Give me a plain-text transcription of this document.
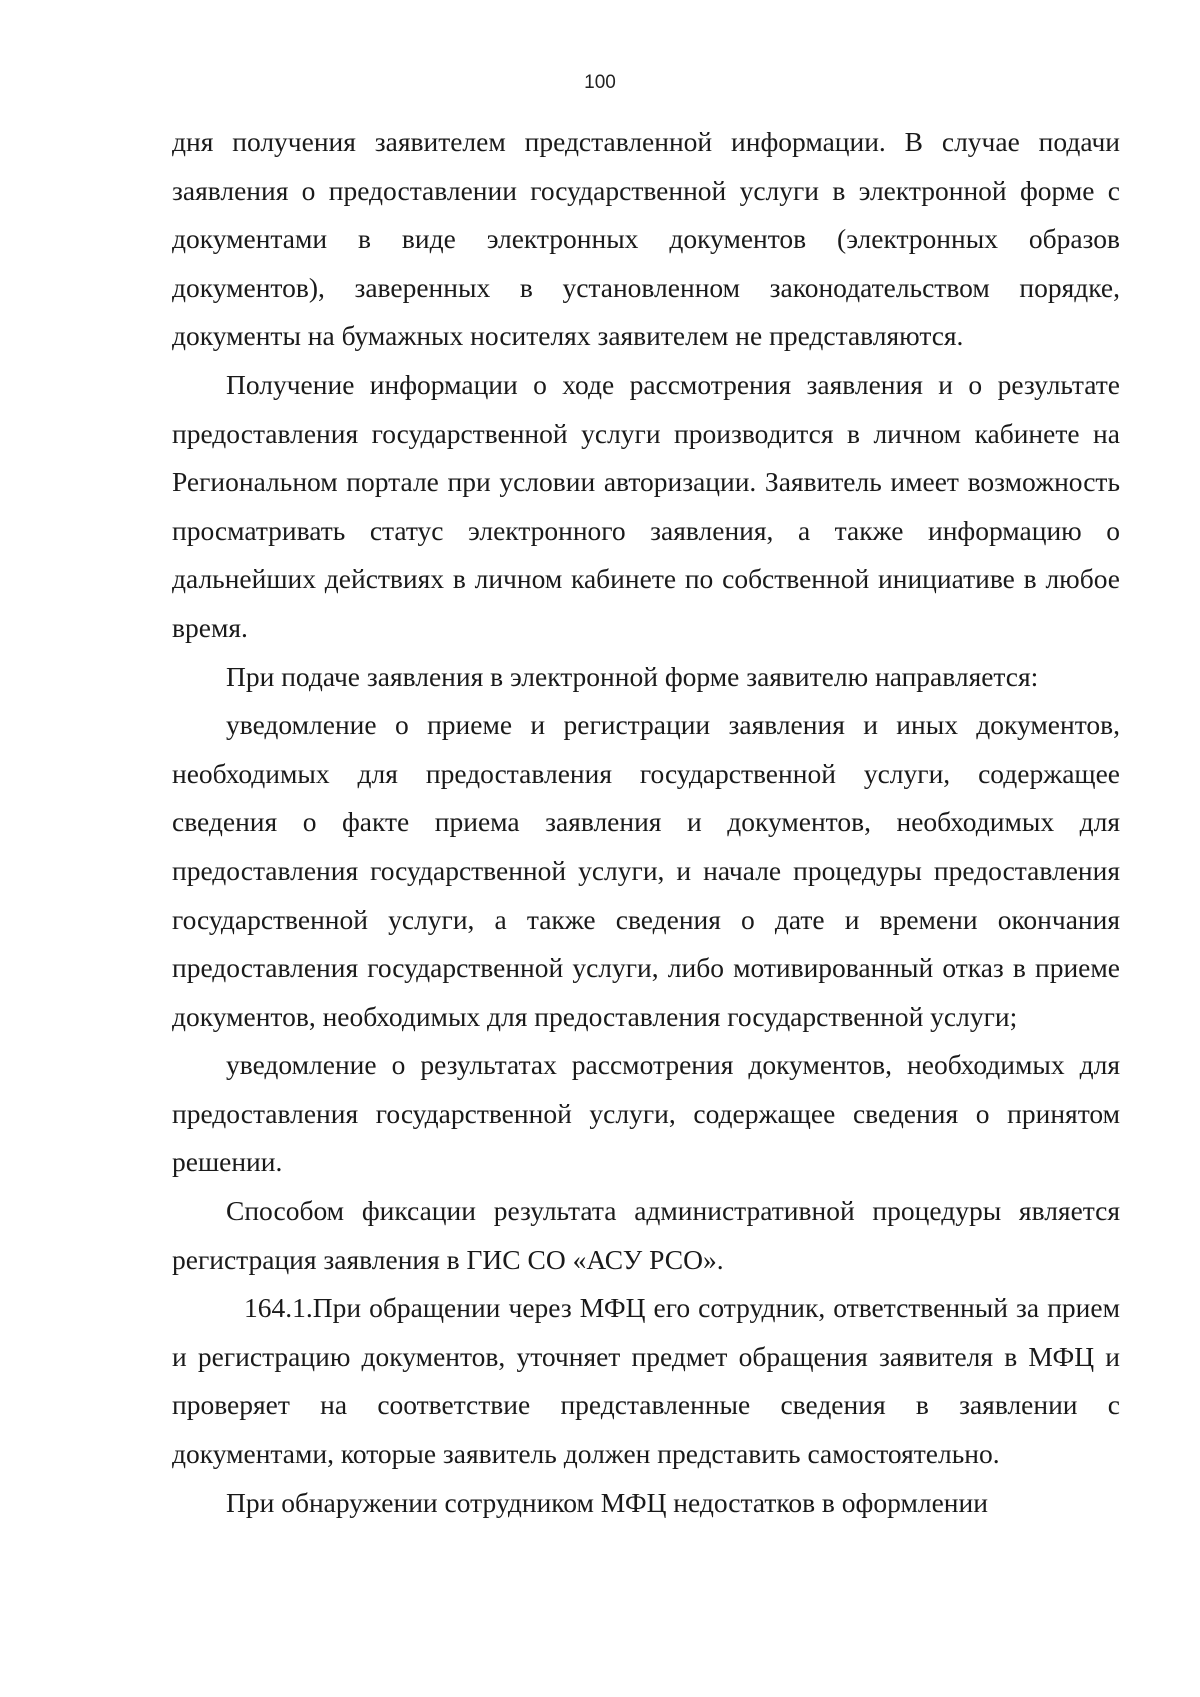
100

дня получения заявителем представленной информации. В случае подачи заявления о предоставлении государственной услуги в электронной форме с документами в виде электронных документов (электронных образов документов), заверенных в установленном законодательством порядке, документы на бумажных носителях заявителем не представляются.

Получение информации о ходе рассмотрения заявления и о результате предоставления государственной услуги производится в личном кабинете на Региональном портале при условии авторизации. Заявитель имеет возможность просматривать статус электронного заявления, а также информацию о дальнейших действиях в личном кабинете по собственной инициативе в любое время.

При подаче заявления в электронной форме заявителю направляется:

уведомление о приеме и регистрации заявления и иных документов, необходимых для предоставления государственной услуги, содержащее сведения о факте приема заявления и документов, необходимых для предоставления государственной услуги, и начале процедуры предоставления государственной услуги, а также сведения о дате и времени окончания предоставления государственной услуги, либо мотивированный отказ в приеме документов, необходимых для предоставления государственной услуги;

уведомление о результатах рассмотрения документов, необходимых для предоставления государственной услуги, содержащее сведения о принятом решении.

Способом фиксации результата административной процедуры является регистрация заявления в ГИС СО «АСУ РСО».

164.1.При обращении через МФЦ его сотрудник, ответственный за прием и регистрацию документов, уточняет предмет обращения заявителя в МФЦ и проверяет на соответствие представленные сведения в заявлении с документами, которые заявитель должен представить самостоятельно.

При обнаружении сотрудником МФЦ недостатков в оформлении
